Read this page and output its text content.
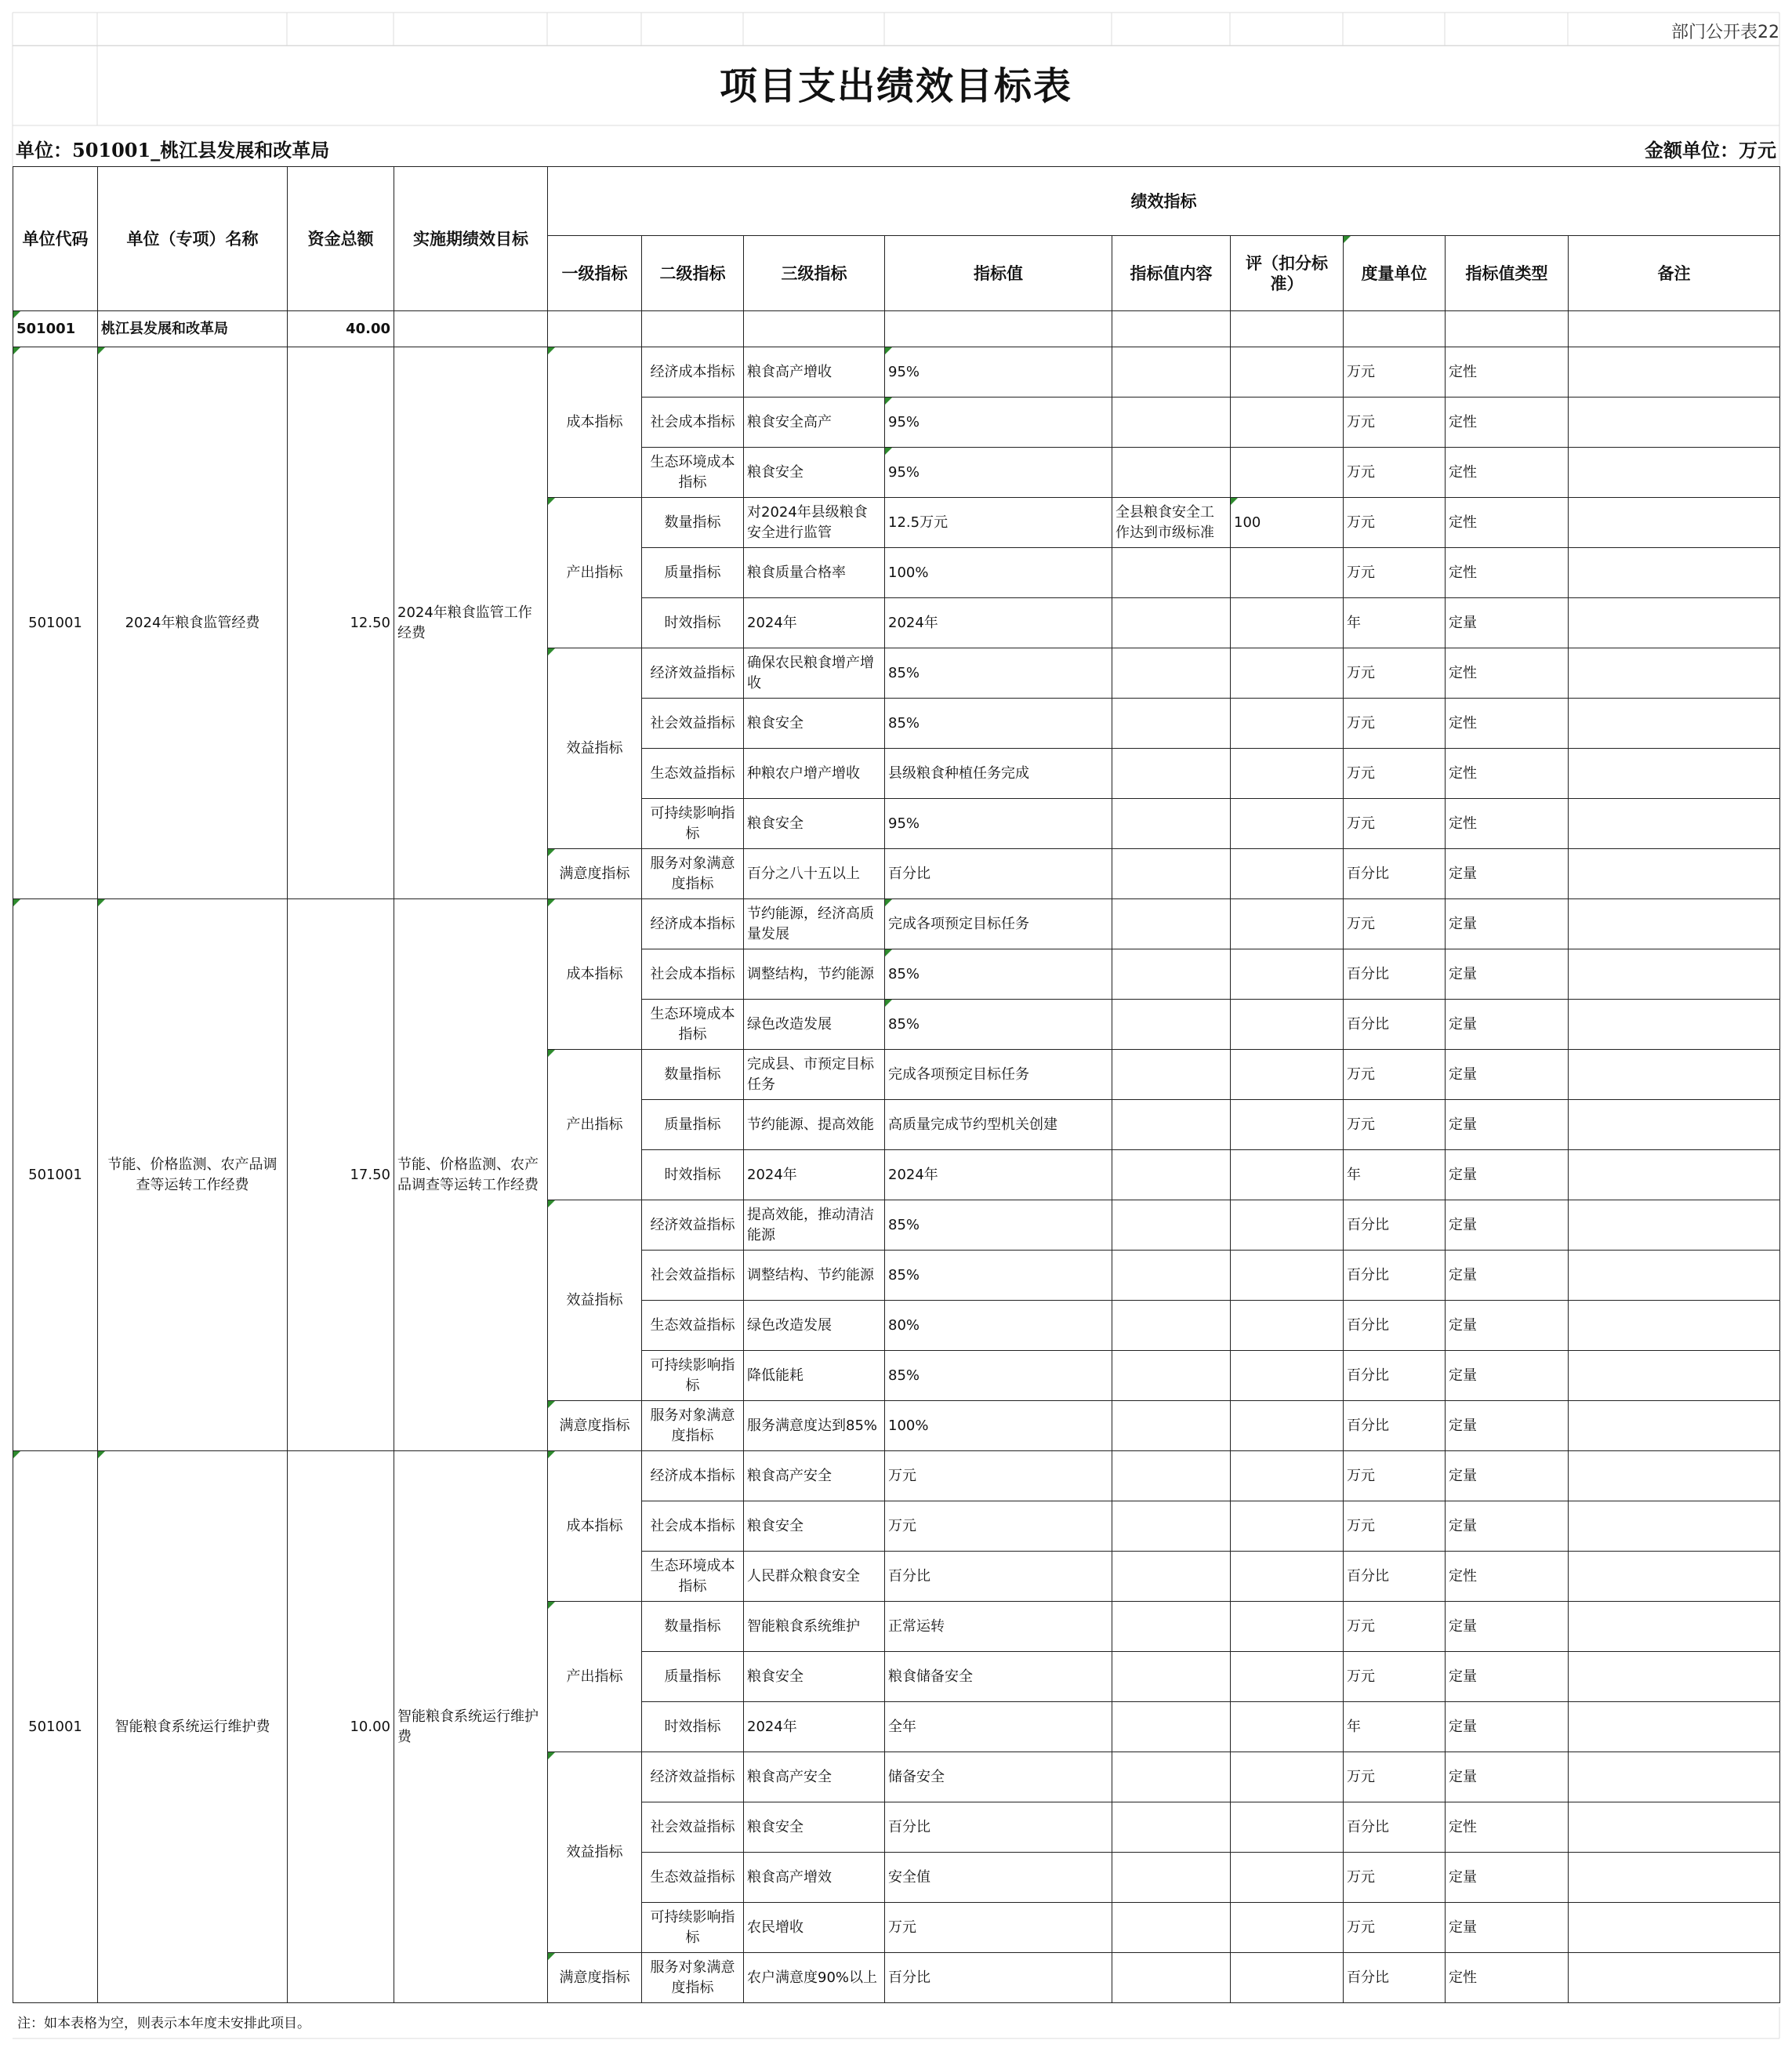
部门公开表22
项目支出绩效目标表
单位：501001_桃江县发展和改革局	金额单位：万元
单位代码	单位（专项）名称	资金总额	实施期绩效目标	绩效指标								
				一级指标	二级指标	三级指标	指标值	指标值内容	评（扣分标准）	度量单位	指标值类型	备注
501001	桃江县发展和改革局	40.00										
501001	2024年粮食监管经费	12.50	2024年粮食监管工作经费	成本指标	经济成本指标	粮食高产增收	95%			万元	定性	
					社会成本指标	粮食安全高产	95%			万元	定性	
					生态环境成本指标	粮食安全	95%			万元	定性	
				产出指标	数量指标	对2024年县级粮食安全进行监管	12.5万元	全县粮食安全工作达到市级标准	100	万元	定性	
					质量指标	粮食质量合格率	100%			万元	定性	
					时效指标	2024年	2024年			年	定量	
				效益指标	经济效益指标	确保农民粮食增产增收	85%			万元	定性	
					社会效益指标	粮食安全	85%			万元	定性	
					生态效益指标	种粮农户增产增收	县级粮食种植任务完成			万元	定性	
					可持续影响指标	粮食安全	95%			万元	定性	
				满意度指标	服务对象满意度指标	百分之八十五以上	百分比			百分比	定量	
501001	节能、价格监测、农产品调查等运转工作经费	17.50	节能、价格监测、农产品调查等运转工作经费	成本指标	经济成本指标	节约能源，经济高质量发展	完成各项预定目标任务			万元	定量	
					社会成本指标	调整结构，节约能源	85%			百分比	定量	
					生态环境成本指标	绿色改造发展	85%			百分比	定量	
				产出指标	数量指标	完成县、市预定目标任务	完成各项预定目标任务			万元	定量	
					质量指标	节约能源、提高效能	高质量完成节约型机关创建			万元	定量	
					时效指标	2024年	2024年			年	定量	
				效益指标	经济效益指标	提高效能，推动清洁能源	85%			百分比	定量	
					社会效益指标	调整结构、节约能源	85%			百分比	定量	
					生态效益指标	绿色改造发展	80%			百分比	定量	
					可持续影响指标	降低能耗	85%			百分比	定量	
				满意度指标	服务对象满意度指标	服务满意度达到85%	100%			百分比	定量	
501001	智能粮食系统运行维护费	10.00	智能粮食系统运行维护费	成本指标	经济成本指标	粮食高产安全	万元			万元	定量	
					社会成本指标	粮食安全	万元			万元	定量	
					生态环境成本指标	人民群众粮食安全	百分比			百分比	定性	
				产出指标	数量指标	智能粮食系统维护	正常运转			万元	定量	
					质量指标	粮食安全	粮食储备安全			万元	定量	
					时效指标	2024年	全年			年	定量	
				效益指标	经济效益指标	粮食高产安全	储备安全			万元	定量	
					社会效益指标	粮食安全	百分比			百分比	定性	
					生态效益指标	粮食高产增效	安全值			万元	定量	
					可持续影响指标	农民增收	万元			万元	定量	
				满意度指标	服务对象满意度指标	农户满意度90%以上	百分比			百分比	定性	
注：如本表格为空，则表示本年度未安排此项目。
